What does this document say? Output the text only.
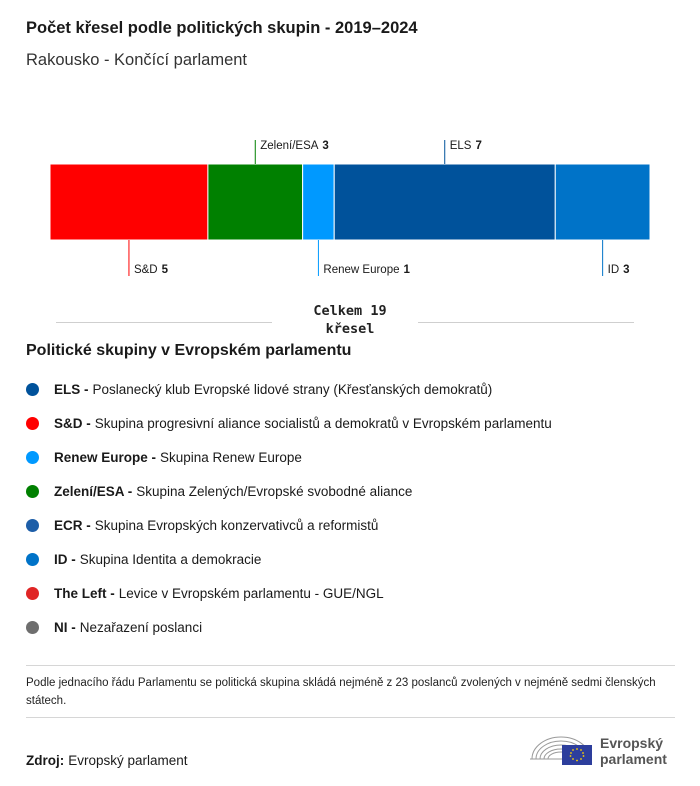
Počet křesel podle politických skupin - 2019–2024
Rakousko - Končící parlament
S&D 5
Zelení/ESA 3
Renew Europe 1
ELS 7
ID 3
Celkem 19
křesel
Politické skupiny v Evropském parlamentu
ELS - Poslanecký klub Evropské lidové strany (Křesťanských demokratů)
S&D - Skupina progresivní aliance socialistů a demokratů v Evropském parlamentu
Renew Europe - Skupina Renew Europe
Zelení/ESA - Skupina Zelených/Evropské svobodné aliance
ECR - Skupina Evropských konzervativců a reformistů
ID - Skupina Identita a demokracie
The Left - Levice v Evropském parlamentu - GUE/NGL
NI - Nezařazení poslanci
Podle jednacího řádu Parlamentu se politická skupina skládá nejméně z 23 poslanců zvolených v nejméně sedmi členských státech.
Zdroj: Evropský parlament
Evropský
parlament
